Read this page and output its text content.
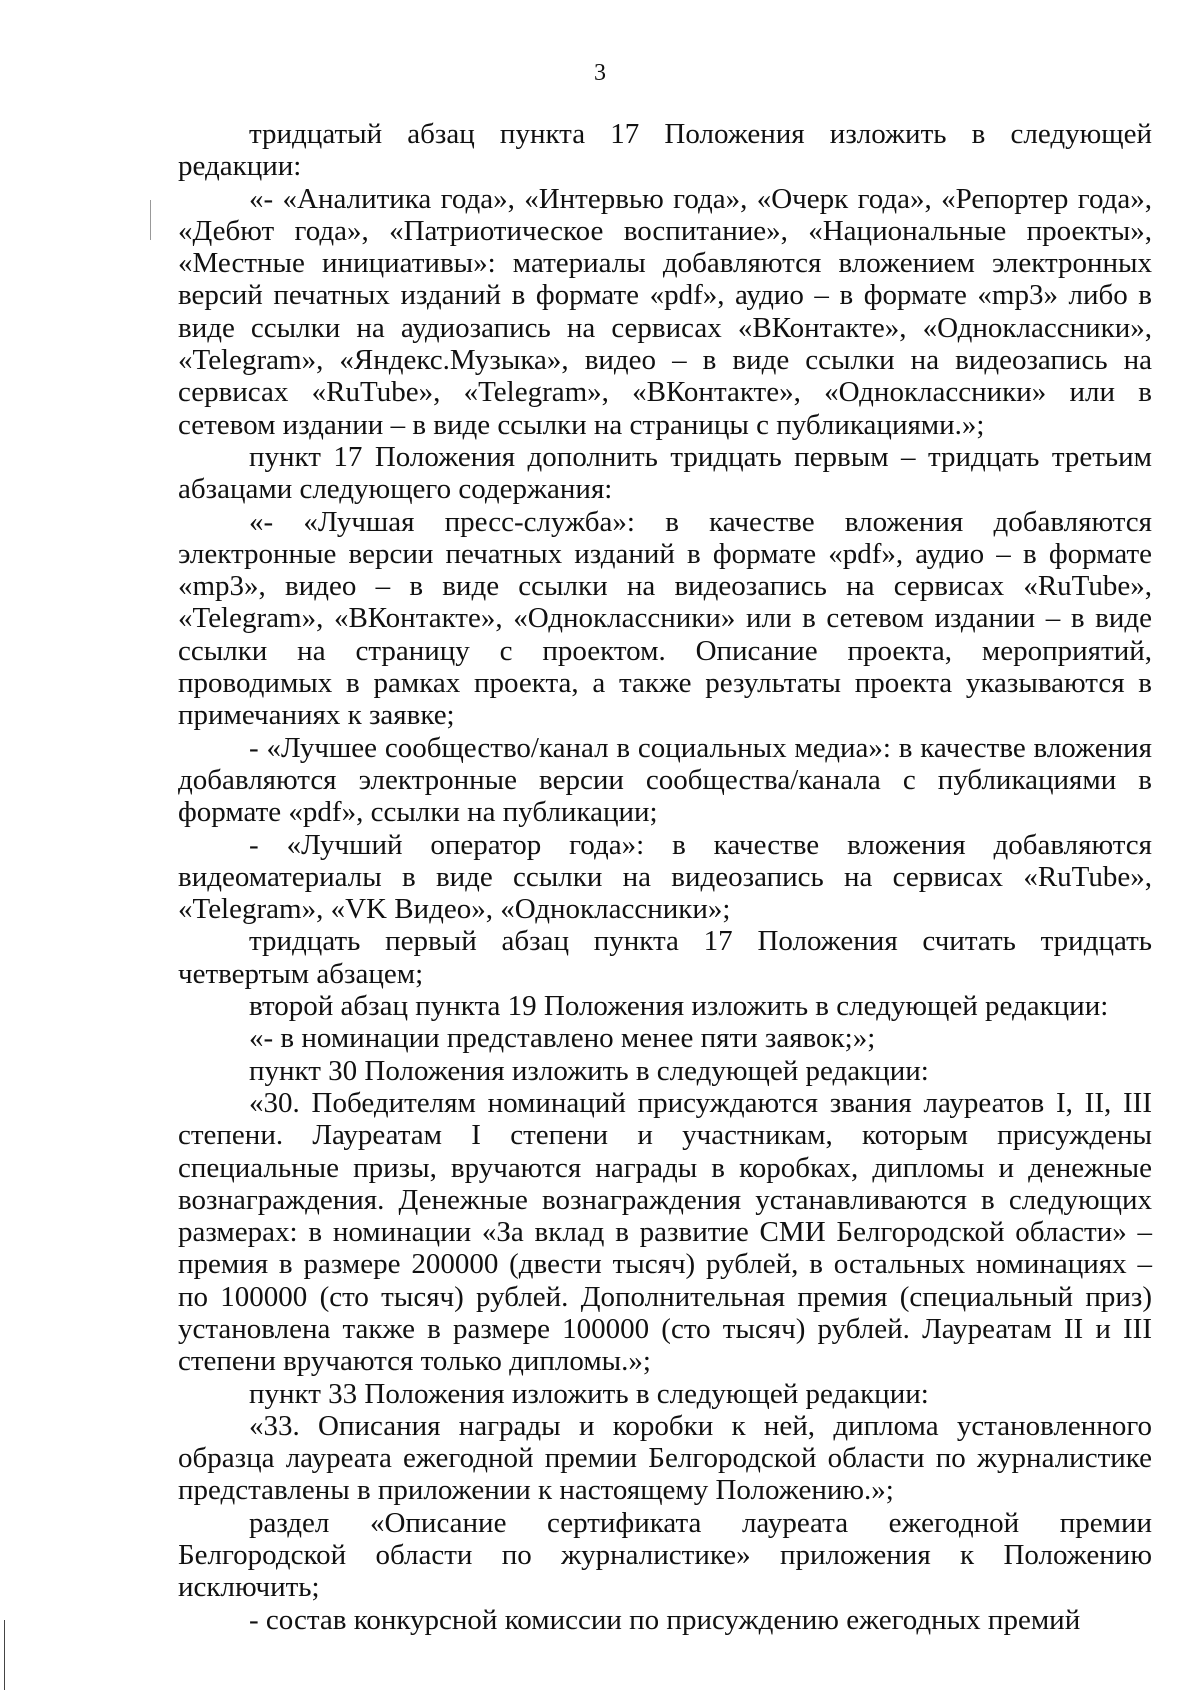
3

тридцатый абзац пункта 17 Положения изложить в следующей редакции:

«- «Аналитика года», «Интервью года», «Очерк года», «Репортер года», «Дебют года», «Патриотическое воспитание», «Национальные проекты», «Местные инициативы»: материалы добавляются вложением электронных версий печатных изданий в формате «pdf», аудио – в формате «mp3» либо в виде ссылки на аудиозапись на сервисах «ВКонтакте», «Одноклассники», «Telegram», «Яндекс.Музыка», видео – в виде ссылки на видеозапись на сервисах «RuTube», «Telegram», «ВКонтакте», «Одноклассники» или в сетевом издании – в виде ссылки на страницы с публикациями.»;

пункт 17 Положения дополнить тридцать первым – тридцать третьим абзацами следующего содержания:

«- «Лучшая пресс-служба»: в качестве вложения добавляются электронные версии печатных изданий в формате «pdf», аудио – в формате «mp3», видео – в виде ссылки на видеозапись на сервисах «RuTube», «Telegram», «ВКонтакте», «Одноклассники» или в сетевом издании – в виде ссылки на страницу с проектом. Описание проекта, мероприятий, проводимых в рамках проекта, а также результаты проекта указываются в примечаниях к заявке;

- «Лучшее сообщество/канал в социальных медиа»: в качестве вложения добавляются электронные версии сообщества/канала с публикациями в формате «pdf», ссылки на публикации;

- «Лучший оператор года»: в качестве вложения добавляются видеоматериалы в виде ссылки на видеозапись на сервисах «RuTube», «Telegram», «VK Видео», «Одноклассники»;

тридцать первый абзац пункта 17 Положения считать тридцать четвертым абзацем;

второй абзац пункта 19 Положения изложить в следующей редакции:

«- в номинации представлено менее пяти заявок;»;

пункт 30 Положения изложить в следующей редакции:

«30. Победителям номинаций присуждаются звания лауреатов I, II, III степени. Лауреатам I степени и участникам, которым присуждены специальные призы, вручаются награды в коробках, дипломы и денежные вознаграждения. Денежные вознаграждения устанавливаются в следующих размерах: в номинации «За вклад в развитие СМИ Белгородской области» – премия в размере 200000 (двести тысяч) рублей, в остальных номинациях – по 100000 (сто тысяч) рублей. Дополнительная премия (специальный приз) установлена также в размере 100000 (сто тысяч) рублей. Лауреатам II и III степени вручаются только дипломы.»;

пункт 33 Положения изложить в следующей редакции:

«33. Описания награды и коробки к ней, диплома установленного образца лауреата ежегодной премии Белгородской области по журналистике представлены в приложении к настоящему Положению.»;

раздел «Описание сертификата лауреата ежегодной премии Белгородской области по журналистике» приложения к Положению исключить;

- состав конкурсной комиссии по присуждению ежегодных премий
